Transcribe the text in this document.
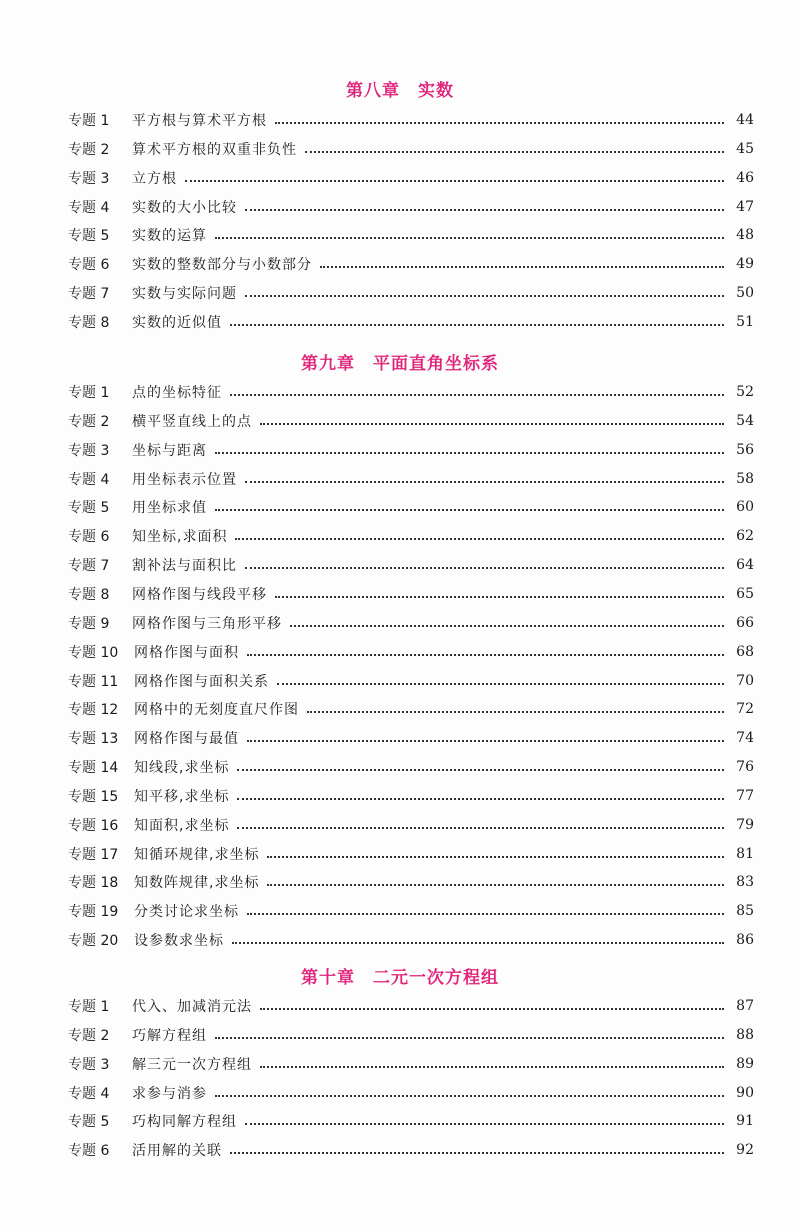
第八章　实数
专题 1	平方根与算术平方根	44
专题 2	算术平方根的双重非负性	45
专题 3	立方根	46
专题 4	实数的大小比较	47
专题 5	实数的运算	48
专题 6	实数的整数部分与小数部分	49
专题 7	实数与实际问题	50
专题 8	实数的近似值	51
第九章　平面直角坐标系
专题 1	点的坐标特征	52
专题 2	横平竖直线上的点	54
专题 3	坐标与距离	56
专题 4	用坐标表示位置	58
专题 5	用坐标求值	60
专题 6	知坐标,求面积	62
专题 7	割补法与面积比	64
专题 8	网格作图与线段平移	65
专题 9	网格作图与三角形平移	66
专题 10	网格作图与面积	68
专题 11	网格作图与面积关系	70
专题 12	网格中的无刻度直尺作图	72
专题 13	网格作图与最值	74
专题 14	知线段,求坐标	76
专题 15	知平移,求坐标	77
专题 16	知面积,求坐标	79
专题 17	知循环规律,求坐标	81
专题 18	知数阵规律,求坐标	83
专题 19	分类讨论求坐标	85
专题 20	设参数求坐标	86
第十章　二元一次方程组
专题 1	代入、加减消元法	87
专题 2	巧解方程组	88
专题 3	解三元一次方程组	89
专题 4	求参与消参	90
专题 5	巧构同解方程组	91
专题 6	活用解的关联	92
